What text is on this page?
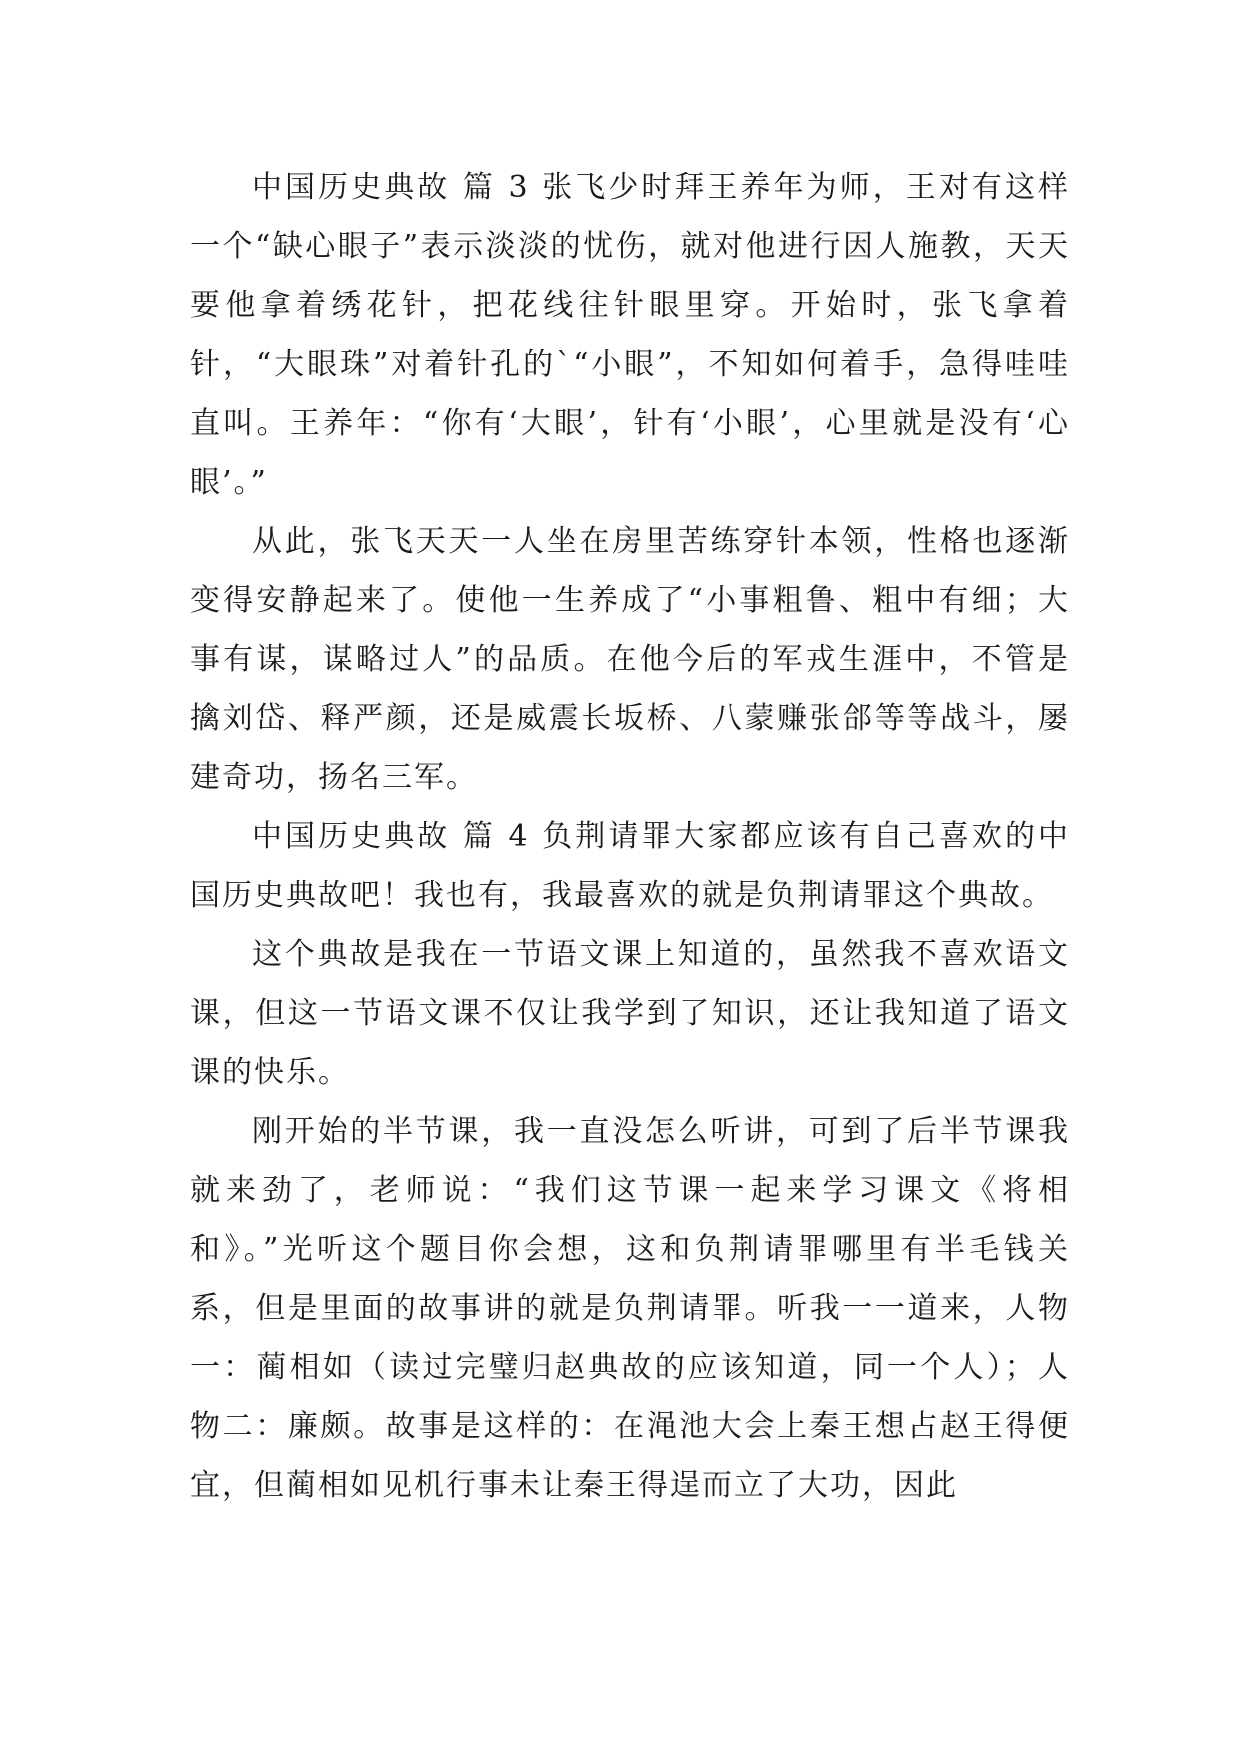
中国历史典故 篇 3 张飞少时拜王养年为师，王对有这样一个“缺心眼子”表示淡淡的忧伤，就对他进行因人施教，天天要他拿着绣花针，把花线往针眼里穿。开始时，张飞拿着针，“大眼珠”对着针孔的`“小眼”，不知如何着手，急得哇哇直叫。王养年：“你有‘大眼’，针有‘小眼’，心里就是没有‘心眼’。”

从此，张飞天天一人坐在房里苦练穿针本领，性格也逐渐变得安静起来了。使他一生养成了“小事粗鲁、粗中有细；大事有谋，谋略过人”的品质。在他今后的军戎生涯中，不管是擒刘岱、释严颜，还是威震长坂桥、八蒙赚张郃等等战斗，屡建奇功，扬名三军。

中国历史典故 篇 4 负荆请罪大家都应该有自己喜欢的中国历史典故吧！我也有，我最喜欢的就是负荆请罪这个典故。

这个典故是我在一节语文课上知道的，虽然我不喜欢语文课，但这一节语文课不仅让我学到了知识，还让我知道了语文课的快乐。

刚开始的半节课，我一直没怎么听讲，可到了后半节课我就来劲了，老师说：“我们这节课一起来学习课文《将相和》。”光听这个题目你会想，这和负荆请罪哪里有半毛钱关系，但是里面的故事讲的就是负荆请罪。听我一一道来，人物一：蔺相如（读过完璧归赵典故的应该知道，同一个人）；人物二：廉颇。故事是这样的：在渑池大会上秦王想占赵王得便宜，但蔺相如见机行事未让秦王得逞而立了大功，因此
